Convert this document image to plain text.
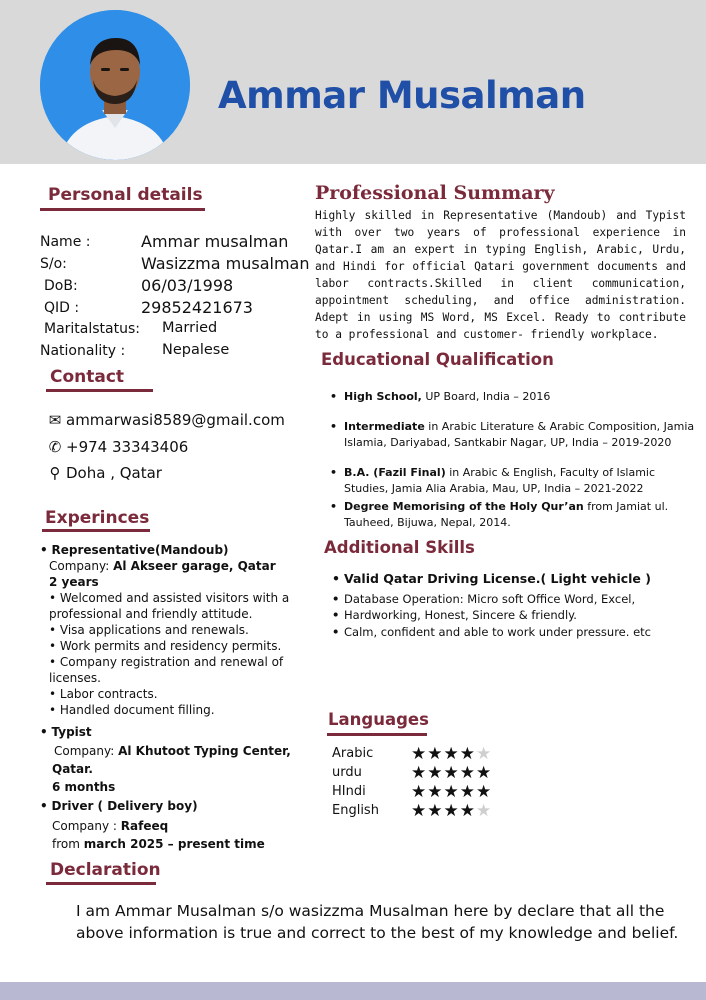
Ammar Musalman
Personal details
Name :	Ammar musalman
S/o:	Wasizzma musalman
DoB:	06/03/1998
QID :	29852421673
Maritalstatus: Married
Nationality :	Nepalese
Contact
✉ ammarwasi8589@gmail.com
✆ +974 33343406
⚲ Doha , Qatar
Experinces
• Representative(Mandoub)
Company: Al Akseer garage, Qatar
2 years
• Welcomed and assisted visitors with a
professional and friendly attitude.
• Visa applications and renewals.
• Work permits and residency permits.
• Company registration and renewal of
licenses.
• Labor contracts.
• Handled document filling.
• Typist
Company: Al Khutoot Typing Center,
Qatar.
6 months
• Driver ( Delivery boy)
Company : Rafeeq
from march 2025 – present time
Declaration
I am Ammar Musalman s/o wasizzma Musalman here by declare that all the above information is true and correct to the best of my knowledge and belief.
Professional Summary
Highly skilled in Representative (Mandoub) and Typist with over two years of professional experience in Qatar.I am an expert in typing English, Arabic, Urdu, and Hindi for official Qatari government documents and labor contracts.Skilled in client communication, appointment scheduling, and office administration. Adept in using MS Word, MS Excel. Ready to contribute to a professional and customer- friendly workplace.
Educational Qualification
• High School, UP Board, India – 2016
• Intermediate in Arabic Literature & Arabic Composition, Jamia Islamia, Dariyabad, Santkabir Nagar, UP, India – 2019-2020
• B.A. (Fazil Final) in Arabic & English, Faculty of Islamic Studies, Jamia Alia Arabia, Mau, UP, India – 2021-2022
• Degree Memorising of the Holy Qur’an from Jamiat ul. Tauheed, Bijuwa, Nepal, 2014.
Additional Skills
• Valid Qatar Driving License.( Light vehicle )
• Database Operation: Micro soft Office Word, Excel,
• Hardworking, Honest, Sincere & friendly.
• Calm, confident and able to work under pressure. etc
Languages
Arabic ★★★★★
urdu	★★★★★
HIndi	★★★★★
English ★★★★★
